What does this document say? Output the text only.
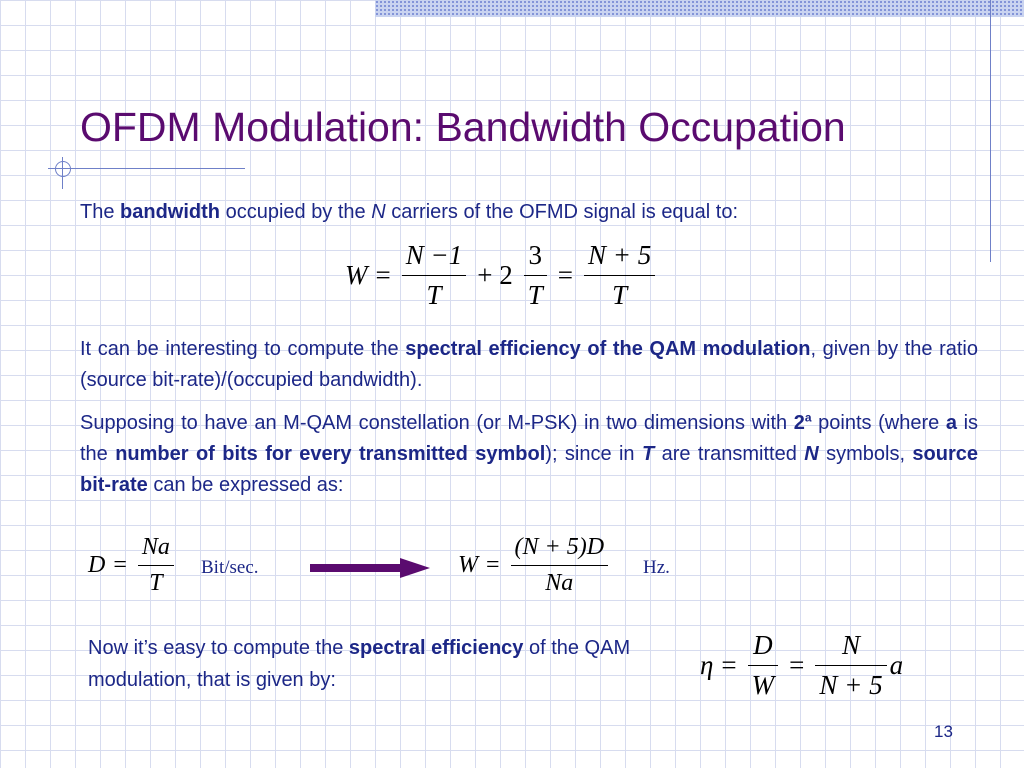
OFDM Modulation: Bandwidth Occupation

The bandwidth occupied by the N carriers of the OFMD signal is equal to:

$W = \frac{N -1}{T} + 2 \frac{3}{T} = \frac{N + 5}{T}$

It can be interesting to compute the spectral efficiency of the QAM modulation, given by the ratio (source bit-rate)/(occupied bandwidth).

Supposing to have an M-QAM constellation (or M-PSK) in two dimensions with 2$^a$ points (where a is the number of bits for every transmitted symbol); since in T are transmitted N symbols, source bit-rate can be expressed as:

$D = \frac{Na}{T} Bit/\sec$.	$W = \frac{(N + 5)D}{Na} Hz$.

Now it’s easy to compute the spectral efficiency of the QAM modulation, that is given by:	$\eta = \frac{D}{W} = \frac{N}{N + 5}$ a
13
